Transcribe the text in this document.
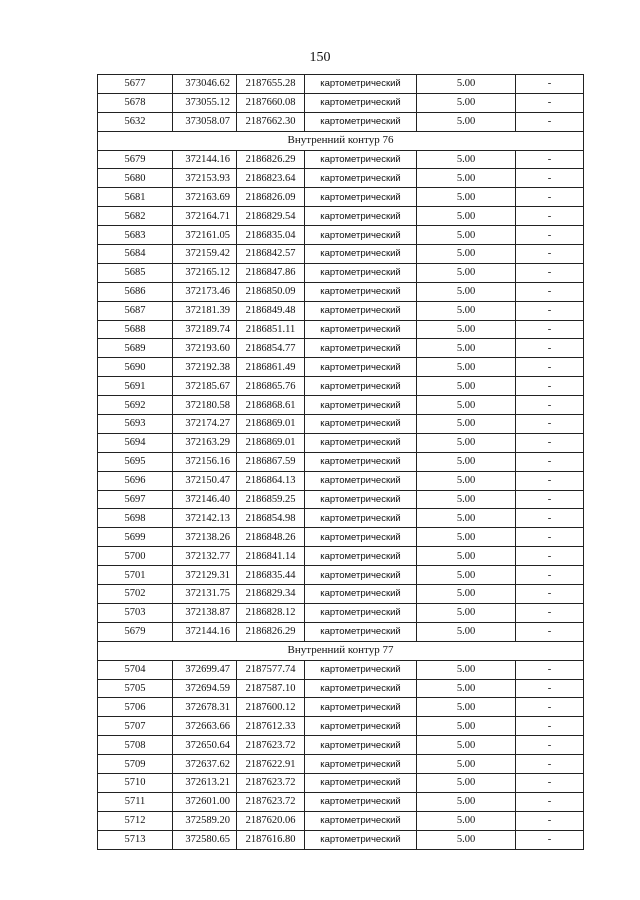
150
5677	373046.62	2187655.28	картометрический	5.00	-
5678	373055.12	2187660.08	картометрический	5.00	-
5632	373058.07	2187662.30	картометрический	5.00	-
Внутренний контур 76					
5679	372144.16	2186826.29	картометрический	5.00	-
5680	372153.93	2186823.64	картометрический	5.00	-
5681	372163.69	2186826.09	картометрический	5.00	-
5682	372164.71	2186829.54	картометрический	5.00	-
5683	372161.05	2186835.04	картометрический	5.00	-
5684	372159.42	2186842.57	картометрический	5.00	-
5685	372165.12	2186847.86	картометрический	5.00	-
5686	372173.46	2186850.09	картометрический	5.00	-
5687	372181.39	2186849.48	картометрический	5.00	-
5688	372189.74	2186851.11	картометрический	5.00	-
5689	372193.60	2186854.77	картометрический	5.00	-
5690	372192.38	2186861.49	картометрический	5.00	-
5691	372185.67	2186865.76	картометрический	5.00	-
5692	372180.58	2186868.61	картометрический	5.00	-
5693	372174.27	2186869.01	картометрический	5.00	-
5694	372163.29	2186869.01	картометрический	5.00	-
5695	372156.16	2186867.59	картометрический	5.00	-
5696	372150.47	2186864.13	картометрический	5.00	-
5697	372146.40	2186859.25	картометрический	5.00	-
5698	372142.13	2186854.98	картометрический	5.00	-
5699	372138.26	2186848.26	картометрический	5.00	-
5700	372132.77	2186841.14	картометрический	5.00	-
5701	372129.31	2186835.44	картометрический	5.00	-
5702	372131.75	2186829.34	картометрический	5.00	-
5703	372138.87	2186828.12	картометрический	5.00	-
5679	372144.16	2186826.29	картометрический	5.00	-
Внутренний контур 77					
5704	372699.47	2187577.74	картометрический	5.00	-
5705	372694.59	2187587.10	картометрический	5.00	-
5706	372678.31	2187600.12	картометрический	5.00	-
5707	372663.66	2187612.33	картометрический	5.00	-
5708	372650.64	2187623.72	картометрический	5.00	-
5709	372637.62	2187622.91	картометрический	5.00	-
5710	372613.21	2187623.72	картометрический	5.00	-
5711	372601.00	2187623.72	картометрический	5.00	-
5712	372589.20	2187620.06	картометрический	5.00	-
5713	372580.65	2187616.80	картометрический	5.00	-
